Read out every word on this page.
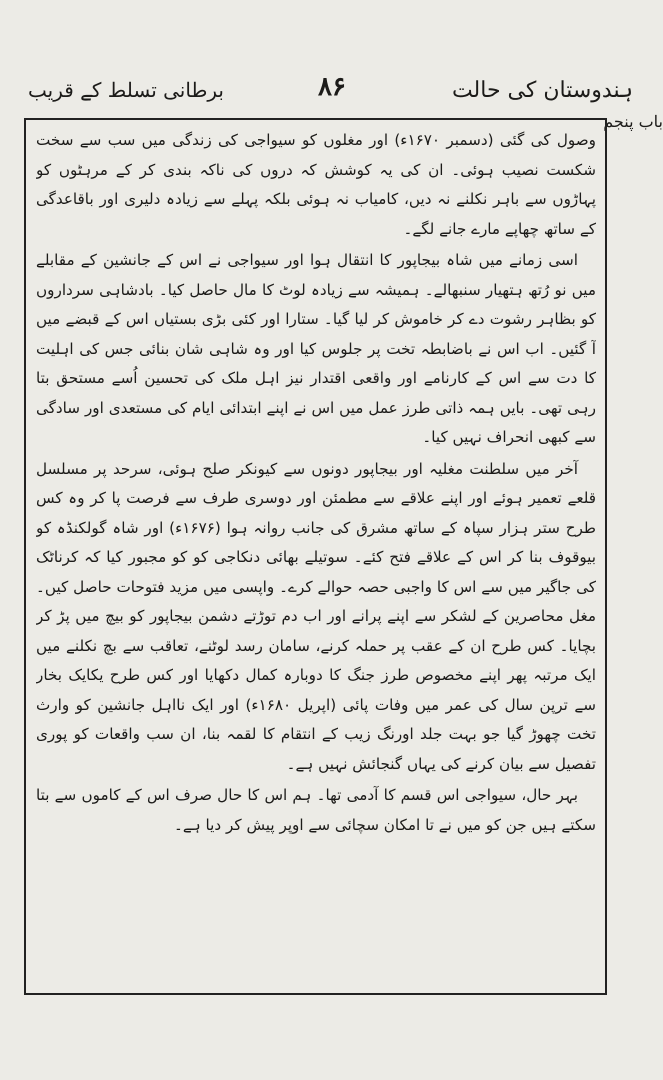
ہندوستان کی حالت
۸۶
برطانی تسلط کے قریب
باب پنجم

وصول کی گئی (دسمبر ۱۶۷۰ء) اور مغلوں کو سیواجی کی زندگی میں سب سے سخت شکست نصیب ہوئی۔ ان کی یہ کوشش کہ دروں کی ناکہ بندی کر کے مرہٹوں کو پہاڑوں سے باہر نکلنے نہ دیں، کامیاب نہ ہوئی بلکہ پہلے سے زیادہ دلیری اور باقاعدگی کے ساتھ چھاپے مارے جانے لگے۔

اسی زمانے میں شاہ بیجاپور کا انتقال ہوا اور سیواجی نے اس کے جانشین کے مقابلے میں نو رُتھ ہتھیار سنبھالے۔ ہمیشہ سے زیادہ لوٹ کا مال حاصل کیا۔ بادشاہی سرداروں کو بظاہر رشوت دے کر خاموش کر لیا گیا۔ ستارا اور کئی بڑی بستیاں اس کے قبضے میں آ گئیں۔ اب اس نے باضابطہ تخت پر جلوس کیا اور وہ شاہی شان بنائی جس کی اہلیت کا دت سے اس کے کارنامے اور واقعی اقتدار نیز اہل ملک کی تحسین اُسے مستحق بتا رہی تھی۔ بایں ہمہ ذاتی طرز عمل میں اس نے اپنے ابتدائی ایام کی مستعدی اور سادگی سے کبھی انحراف نہیں کیا۔

آخر میں سلطنت مغلیہ اور بیجاپور دونوں سے کیونکر صلح ہوئی، سرحد پر مسلسل قلعے تعمیر ہوئے اور اپنے علاقے سے مطمئن اور دوسری طرف سے فرصت پا کر وہ کس طرح ستر ہزار سپاہ کے ساتھ مشرق کی جانب روانہ ہوا (۱۶۷۶ء) اور شاہ گولکنڈہ کو بیوقوف بنا کر اس کے علاقے فتح کئے۔ سوتیلے بھائی دنکاجی کو کو مجبور کیا کہ کرناٹک کی جاگیر میں سے اس کا واجبی حصہ حوالے کرے۔ واپسی میں مزید فتوحات حاصل کیں۔ مغل محاصرین کے لشکر سے اپنے پرانے اور اب دم توڑتے دشمن بیجاپور کو بیچ میں پڑ کر بچایا۔ کس طرح ان کے عقب پر حملہ کرنے، سامان رسد لوٹنے، تعاقب سے بچ نکلنے میں ایک مرتبہ پھر اپنے مخصوص طرز جنگ کا دوبارہ کمال دکھایا اور کس طرح یکایک بخار سے ترپن سال کی عمر میں وفات پائی (اپریل ۱۶۸۰ء) اور ایک نااہل جانشین کو وارث تخت چھوڑ گیا جو بہت جلد اورنگ زیب کے انتقام کا لقمہ بنا، ان سب واقعات کو پوری تفصیل سے بیان کرنے کی یہاں گنجائش نہیں ہے۔

بہر حال، سیواجی اس قسم کا آدمی تھا۔ ہم اس کا حال صرف اس کے کاموں سے بتا سکتے ہیں جن کو میں نے تا امکان سچائی سے اوپر پیش کر دیا ہے۔
